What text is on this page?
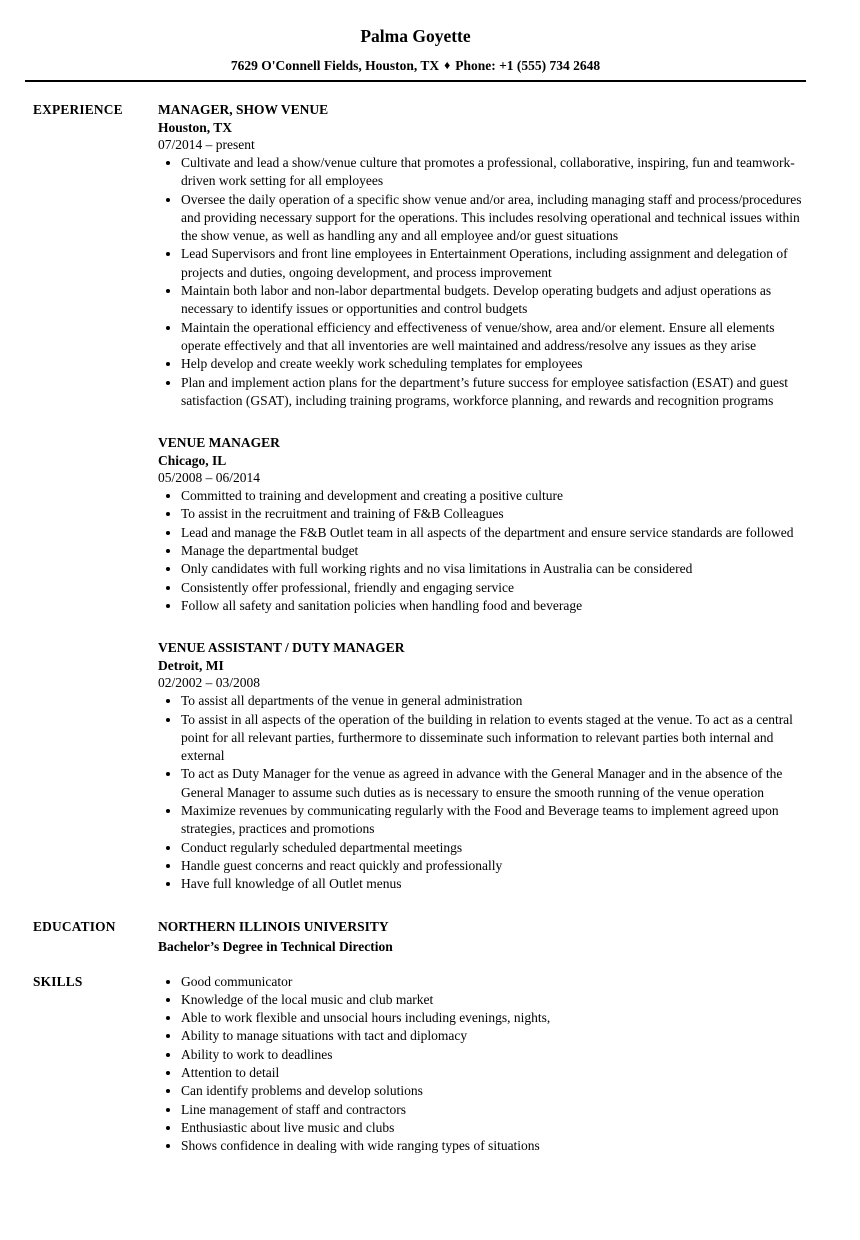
Palma Goyette
7629 O'Connell Fields, Houston, TX ♦ Phone: +1 (555) 734 2648
EXPERIENCE	MANAGER, SHOW VENUE
Houston, TX
07/2014 – present
• Cultivate and lead a show/venue culture that promotes a professional, collaborative, inspiring, fun and teamwork-driven work setting for all employees
• Oversee the daily operation of a specific show venue and/or area, including managing staff and process/procedures and providing necessary support for the operations. This includes resolving operational and technical issues within the show venue, as well as handling any and all employee and/or guest situations
• Lead Supervisors and front line employees in Entertainment Operations, including assignment and delegation of projects and duties, ongoing development, and process improvement
• Maintain both labor and non-labor departmental budgets. Develop operating budgets and adjust operations as necessary to identify issues or opportunities and control budgets
• Maintain the operational efficiency and effectiveness of venue/show, area and/or element. Ensure all elements operate effectively and that all inventories are well maintained and address/resolve any issues as they arise
• Help develop and create weekly work scheduling templates for employees
• Plan and implement action plans for the department’s future success for employee satisfaction (ESAT) and guest satisfaction (GSAT), including training programs, workforce planning, and rewards and recognition programs
VENUE MANAGER
Chicago, IL
05/2008 – 06/2014
• Committed to training and development and creating a positive culture
• To assist in the recruitment and training of F&B Colleagues
• Lead and manage the F&B Outlet team in all aspects of the department and ensure service standards are followed
• Manage the departmental budget
• Only candidates with full working rights and no visa limitations in Australia can be considered
• Consistently offer professional, friendly and engaging service
• Follow all safety and sanitation policies when handling food and beverage
VENUE ASSISTANT / DUTY MANAGER
Detroit, MI
02/2002 – 03/2008
• To assist all departments of the venue in general administration
• To assist in all aspects of the operation of the building in relation to events staged at the venue. To act as a central point for all relevant parties, furthermore to disseminate such information to relevant parties both internal and external
• To act as Duty Manager for the venue as agreed in advance with the General Manager and in the absence of the General Manager to assume such duties as is necessary to ensure the smooth running of the venue operation
• Maximize revenues by communicating regularly with the Food and Beverage teams to implement agreed upon strategies, practices and promotions
• Conduct regularly scheduled departmental meetings
• Handle guest concerns and react quickly and professionally
• Have full knowledge of all Outlet menus
EDUCATION	NORTHERN ILLINOIS UNIVERSITY
Bachelor’s Degree in Technical Direction
SKILLS	• Good communicator
• Knowledge of the local music and club market
• Able to work flexible and unsocial hours including evenings, nights,
• Ability to manage situations with tact and diplomacy
• Ability to work to deadlines
• Attention to detail
• Can identify problems and develop solutions
• Line management of staff and contractors
• Enthusiastic about live music and clubs
• Shows confidence in dealing with wide ranging types of situations
